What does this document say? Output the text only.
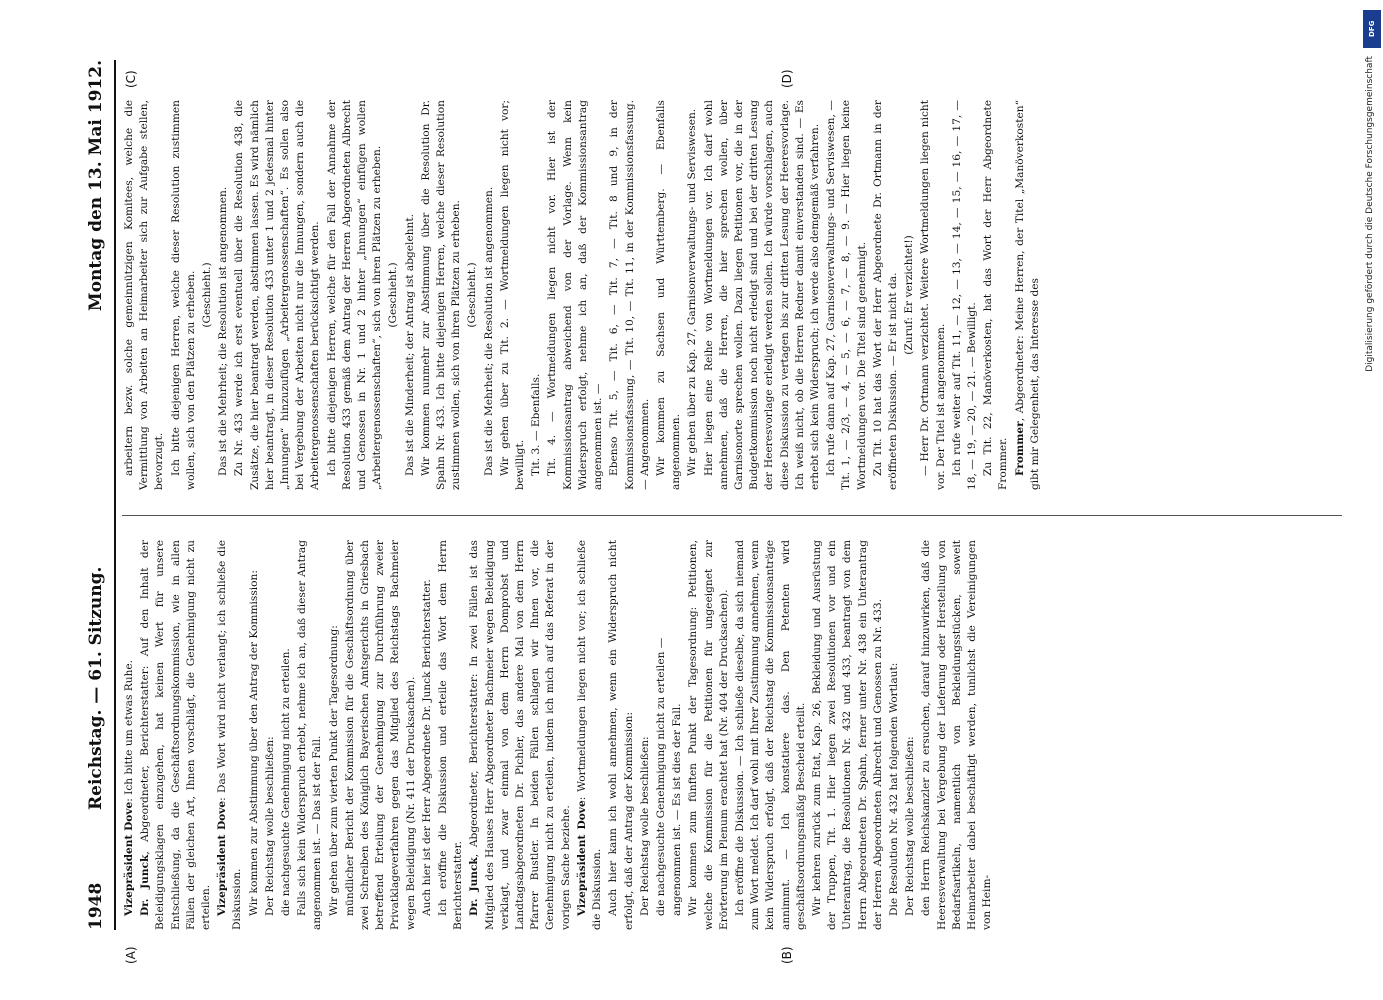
1948
Reichstag. — 61. Sitzung.
Montag den 13. Mai 1912.

Vizepräsident Dove: Ich bitte um etwas Ruhe.

Dr. Junck, Abgeordneter, Berichterstatter: Auf den Inhalt der Beleidigungsklagen einzugehen, hat keinen Wert für unsere Entschließung, da die Geschäftsordnungskommission, wie in allen Fällen der gleichen Art, Ihnen vorschlägt, die Genehmigung nicht zu erteilen. Vizepräsident Dove: Das Wort wird nicht verlangt; ich schließe die Diskussion. Wir kommen zur Abstimmung über den Antrag der Kommission: Der Reichstag wolle beschließen: die nachgesuchte Genehmigung nicht zu erteilen. Falls sich kein Widerspruch erhebt, nehme ich an, daß dieser Antrag angenommen ist. — Das ist der Fall. Wir gehen über zum vierten Punkt der Tagesordnung: mündlicher Bericht der Kommission für die Geschäftsordnung über zwei Schreiben des Königlich Bayerischen Amtsgerichts in Griesbach betreffend Erteilung der Genehmigung zur Durchführung zweier Privatklageverfahren gegen das Mitglied des Reichstags Bachmeier wegen Beleidigung (Nr. 411 der Drucksachen). Auch hier ist der Herr Abgeordnete Dr. Junck Berichterstatter. Ich eröffne die Diskussion und erteile das Wort dem Herrn Berichterstatter. Dr. Junck, Abgeordneter, Berichterstatter: In zwei Fällen ist das Mitglied des Hauses Herr Abgeordneter Bachmeier wegen Beleidigung verklagt, und zwar einmal von dem Herrn Domprobst und Landtagsabgeordneten Dr. Pichler, das andere Mal von dem Herrn Pfarrer Bustler. In beiden Fällen schlagen wir Ihnen vor, die Genehmigung nicht zu erteilen, indem ich mich auf das Referat in der vorigen Sache beziehe. Vizepräsident Dove: Wortmeldungen liegen nicht vor; ich schließe die Diskussion. Auch hier kann ich wohl annehmen, wenn ein Widerspruch nicht erfolgt, daß der Antrag der Kommission: Der Reichstag wolle beschließen: die nachgesuchte Genehmigung nicht zu erteilen — angenommen ist. — Es ist dies der Fall. Wir kommen zum fünften Punkt der Tagesordnung: Petitionen, welche die Kommission für die Petitionen für ungeeignet zur Erörterung im Plenum erachtet hat (Nr. 404 der Drucksachen). Ich eröffne die Diskussion. — Ich schließe dieselbe, da sich niemand zum Wort meldet. Ich darf wohl mit Ihrer Zustimmung annehmen, wenn kein Widerspruch erfolgt, daß der Reichstag die Kommissionsanträge annimmt. — Ich konstatiere das. Den Petenten wird geschäftsordnungsmäßig Bescheid erteilt. Wir kehren zurück zum Etat, Kap. 26, Bekleidung und Ausrüstung der Truppen, Tit. 1. Hier liegen zwei Resolutionen vor und ein Unterantrag, die Resolutionen Nr. 432 und 433, beantragt von dem Herrn Abgeordneten Dr. Spahn, ferner unter Nr. 438 ein Unterantrag der Herren Abgeordneten Albrecht und Genossen zu Nr. 433. Die Resolution Nr. 432 hat folgenden Wortlaut: Der Reichstag wolle beschließen: den Herrn Reichskanzler zu ersuchen, darauf hinzuwirken, daß die Heeresverwaltung bei Vergebung der Lieferung oder Herstellung von Bedarfsartikeln, namentlich von Bekleidungsstücken, soweit Heimarbeiter dabei beschäftigt werden, tunlichst die Vereinigungen von Heim-

arbeitern bezw. solche gemeinnützigen Komitees, welche die Vermittlung von Arbeiten an Heimarbeiter sich zur Aufgabe stellen, bevorzugt. Ich bitte diejenigen Herren, welche dieser Resolution zustimmen wollen, sich von den Plätzen zu erheben. (Geschieht.) Das ist die Mehrheit; die Resolution ist angenommen. Zu Nr. 433 werde ich erst eventuell über die Resolution 438, die Zusätze, die hier beantragt werden, abstimmen lassen. Es wird nämlich hier beantragt, in dieser Resolution 433 unter 1 und 2 jedesmal hinter „Innungen“ hinzuzufügen „Arbeitergenossenschaften“. Es sollen also bei Vergebung der Arbeiten nicht nur die Innungen, sondern auch die Arbeitergenossenschaften berücksichtigt werden. Ich bitte diejenigen Herren, welche für den Fall der Annahme der Resolution 433 gemäß dem Antrag der Herren Abgeordneten Albrecht und Genossen in Nr. 1 und 2 hinter „Innungen“ einfügen wollen „Arbeitergenossenschaften“, sich von ihren Plätzen zu erheben. (Geschieht.) Das ist die Minderheit; der Antrag ist abgelehnt. Wir kommen nunmehr zur Abstimmung über die Resolution Dr. Spahn Nr. 433. Ich bitte diejenigen Herren, welche dieser Resolution zustimmen wollen, sich von ihren Plätzen zu erheben. (Geschieht.) Das ist die Mehrheit; die Resolution ist angenommen. Wir gehen über zu Tit. 2. — Wortmeldungen liegen nicht vor; bewilligt. Tit. 3. — Ebenfalls. Tit. 4. — Wortmeldungen liegen nicht vor. Hier ist der Kommissionsantrag abweichend von der Vorlage. Wenn kein Widerspruch erfolgt, nehme ich an, daß der Kommissionsantrag angenommen ist. — Ebenso Tit. 5, — Tit. 6, — Tit. 7, — Tit. 8 und 9, in der Kommissionsfassung, — Tit. 10, — Tit. 11, in der Kommissionsfassung. — Angenommen. Wir kommen zu Sachsen und Württemberg. — Ebenfalls angenommen. Wir gehen über zu Kap. 27, Garnisonverwaltungs- und Serviswesen. Hier liegen eine Reihe von Wortmeldungen vor. Ich darf wohl annehmen, daß die Herren, die hier sprechen wollen, über Garnisonorte sprechen wollen. Dazu liegen Petitionen vor, die in der Budgetkommission noch nicht erledigt sind und bei der dritten Lesung der Heeresvorlage erledigt werden sollen. Ich würde vorschlagen, auch diese Diskussion zu vertagen bis zur dritten Lesung der Heeresvorlage. Ich weiß nicht, ob die Herren Redner damit einverstanden sind. — Es erhebt sich kein Widerspruch; ich werde also demgemäß verfahren. Ich rufe dann auf Kap. 27, Garnisonverwaltungs- und Serviswesen, — Tit. 1, — 2/3, — 4, — 5, — 6, — 7, — 8, — 9. — Hier liegen keine Wortmeldungen vor. Die Titel sind genehmigt. Zu Tit. 10 hat das Wort der Herr Abgeordnete Dr. Ortmann in der eröffneten Diskussion. — Er ist nicht da. (Zuruf: Er verzichtet!) — Herr Dr. Ortmann verzichtet. Weitere Wortmeldungen liegen nicht vor. Der Titel ist angenommen. Ich rufe weiter auf Tit. 11, — 12, — 13, — 14, — 15, — 16, — 17, — 18, — 19, — 20, — 21. — Bewilligt. Zu Tit. 22, Manöverkosten, hat das Wort der Herr Abgeordnete Frommer. Frommer, Abgeordneter: Meine Herren, der Titel „Manöverkosten“ gibt mir Gelegenheit, das Interesse des

(A)	(B)
(C)	(D)
DFG
Digitalisierung gefördert durch die Deutsche Forschungsgemeinschaft
